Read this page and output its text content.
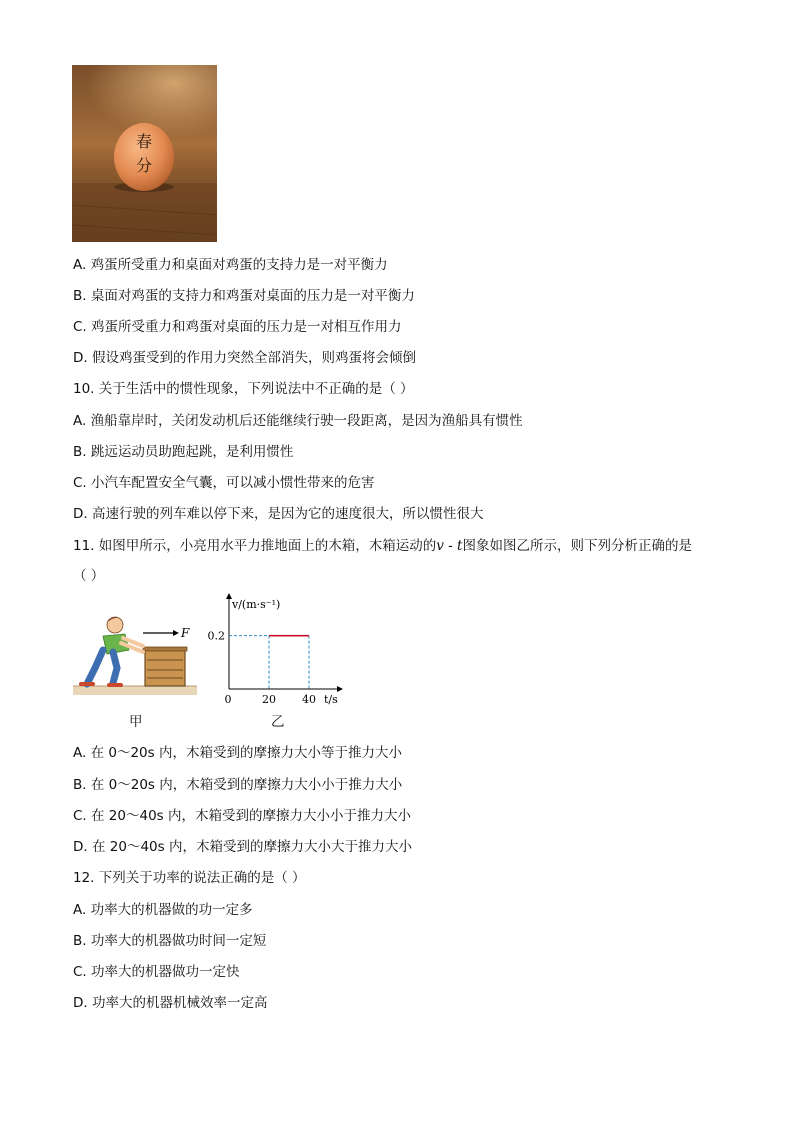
春
分
A. 鸡蛋所受重力和桌面对鸡蛋的支持力是一对平衡力
B. 桌面对鸡蛋的支持力和鸡蛋对桌面的压力是一对平衡力
C. 鸡蛋所受重力和鸡蛋对桌面的压力是一对相互作用力
D. 假设鸡蛋受到的作用力突然全部消失，则鸡蛋将会倾倒
10. 关于生活中的惯性现象，下列说法中不正确的是（ ）
A. 渔船靠岸时，关闭发动机后还能继续行驶一段距离，是因为渔船具有惯性
B. 跳远运动员助跑起跳，是利用惯性
C. 小汽车配置安全气囊，可以减小惯性带来的危害
D. 高速行驶的列车难以停下来，是因为它的速度很大，所以惯性很大
11. 如图甲所示，小亮用水平力推地面上的木箱，木箱运动的v - t图象如图乙所示，则下列分析正确的是
（ ）
F
甲
v/(m·s⁻¹)
t/s
0	20 40
0.2
乙
A. 在 0～20s 内，木箱受到的摩擦力大小等于推力大小
B. 在 0～20s 内，木箱受到的摩擦力大小小于推力大小
C. 在 20～40s 内，木箱受到的摩擦力大小小于推力大小
D. 在 20～40s 内，木箱受到的摩擦力大小大于推力大小
12. 下列关于功率的说法正确的是（ ）
A. 功率大的机器做的功一定多
B. 功率大的机器做功时间一定短
C. 功率大的机器做功一定快
D. 功率大的机器机械效率一定高
